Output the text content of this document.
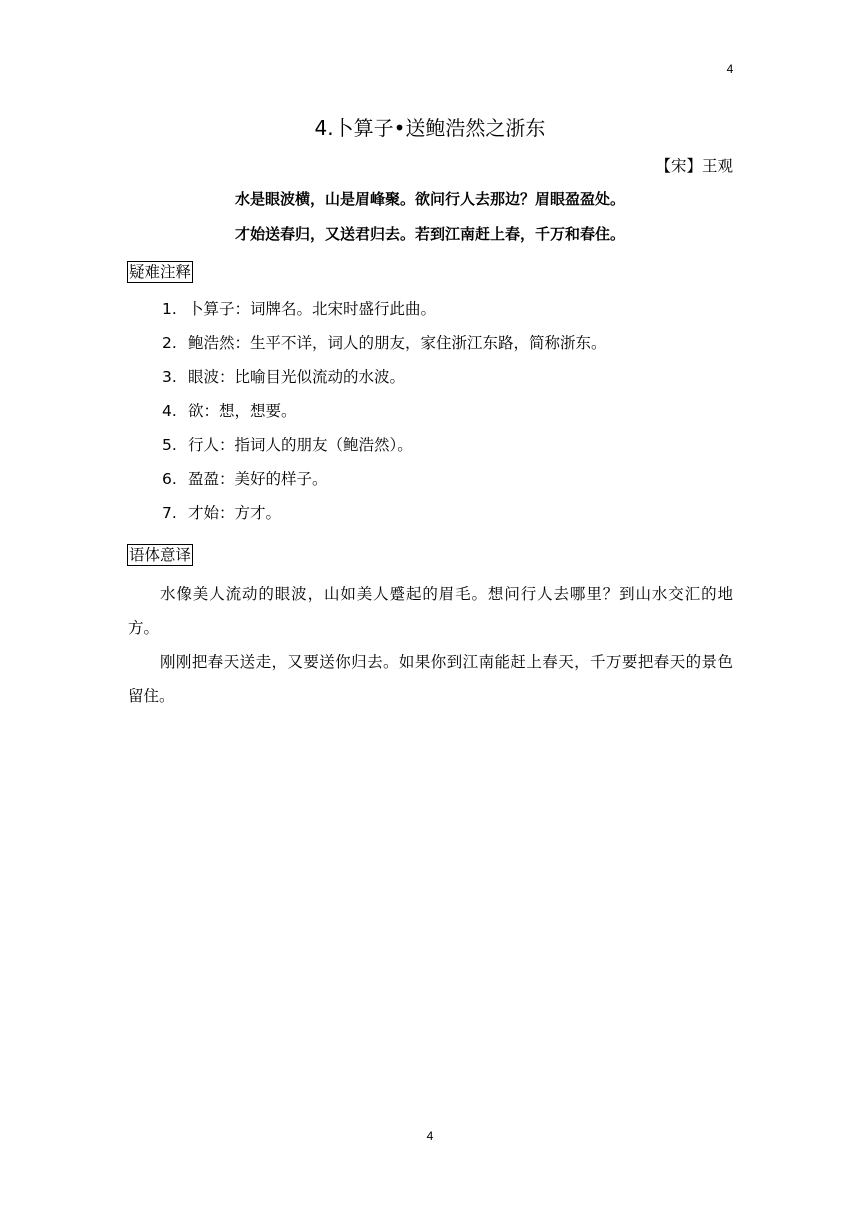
4
4.卜算子•送鲍浩然之浙东
【宋】王观
水是眼波横，山是眉峰聚。欲问行人去那边？眉眼盈盈处。
才始送春归，又送君归去。若到江南赶上春，千万和春住。
疑难注释
1. 卜算子：词牌名。北宋时盛行此曲。
2. 鲍浩然：生平不详，词人的朋友，家住浙江东路，简称浙东。
3. 眼波：比喻目光似流动的水波。
4. 欲：想，想要。
5. 行人：指词人的朋友（鲍浩然）。
6. 盈盈：美好的样子。
7. 才始：方才。
语体意译

水像美人流动的眼波，山如美人蹙起的眉毛。想问行人去哪里？到山水交汇的地方。

刚刚把春天送走，又要送你归去。如果你到江南能赶上春天，千万要把春天的景色留住。

4
